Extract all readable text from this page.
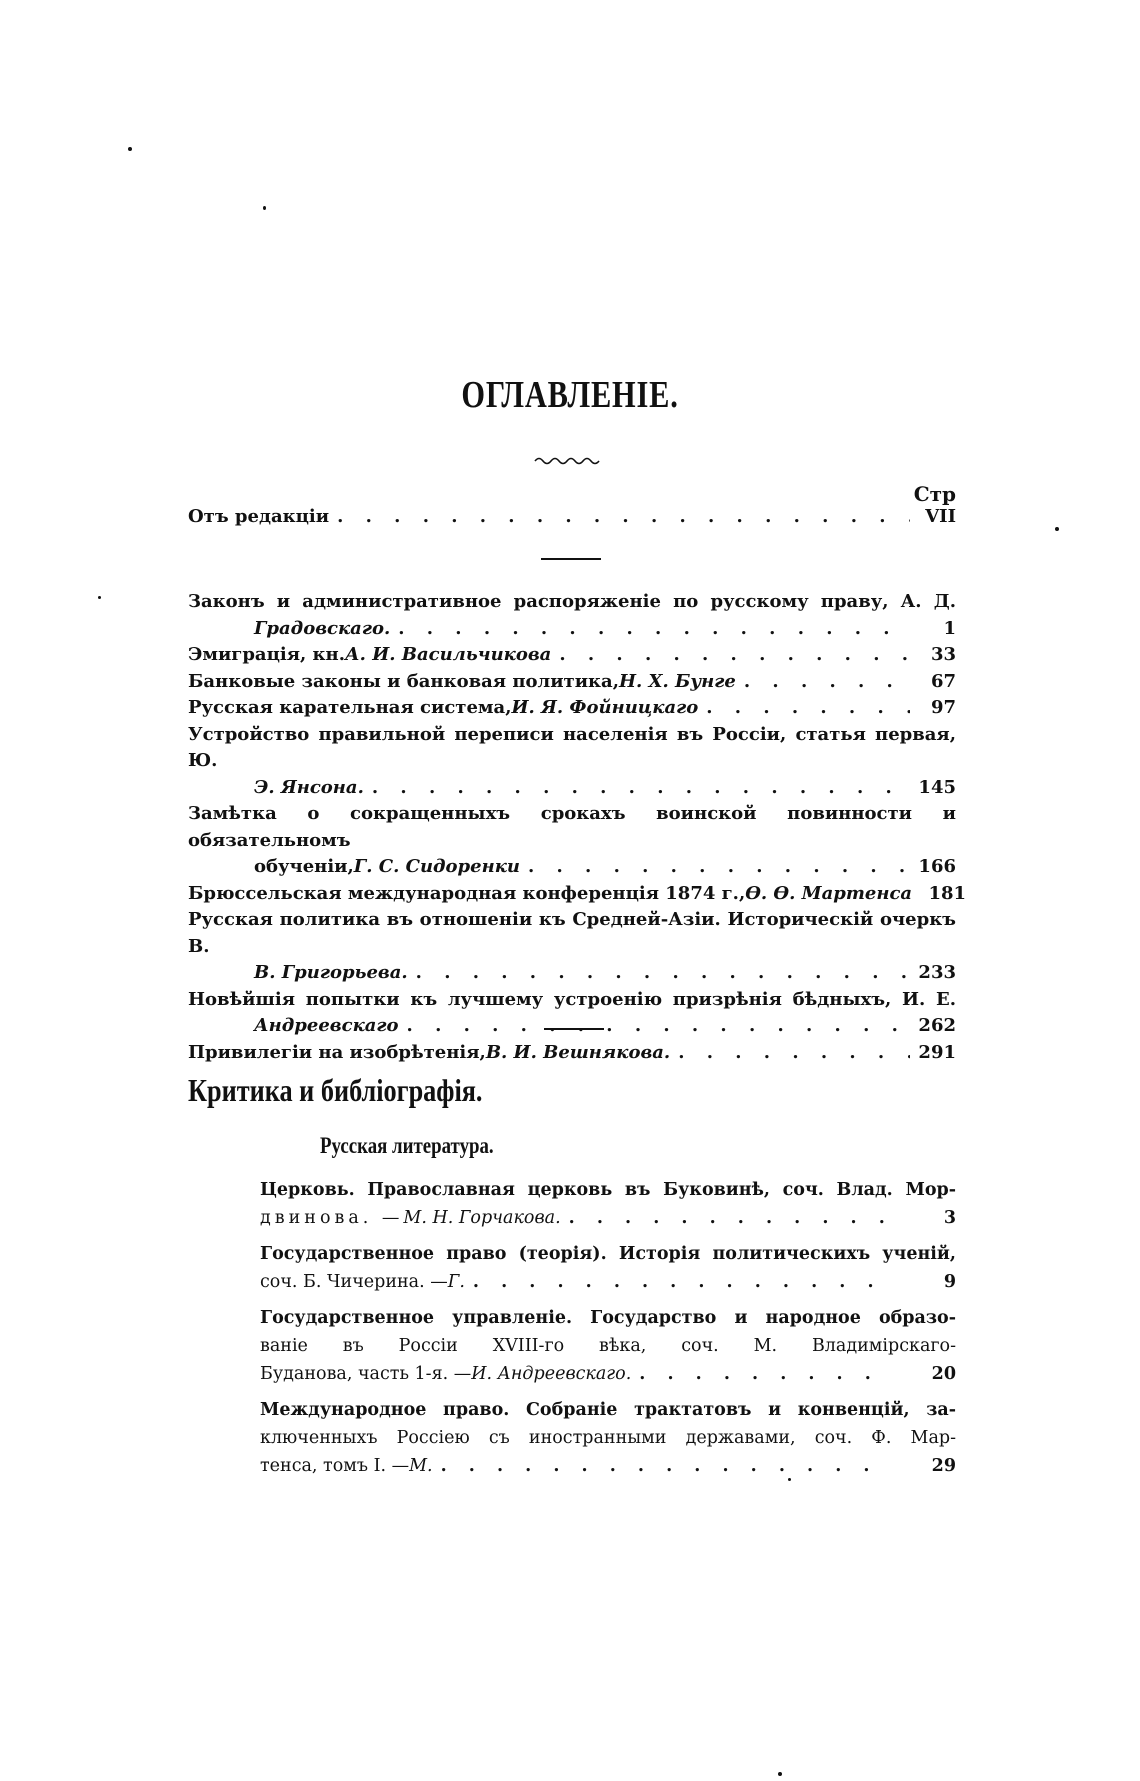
ОГЛАВЛЕНІЕ.
Стр
Отъ редакціи . . .	VII
Законъ и административное распоряженіе по русскому праву, А. Д.
Градовскаго. . . .	1
Эмиграція, кн. А. И. Васильчикова . . .	33
Банковые законы и банковая политика, Н. Х. Бунге . . .	67
Русская карательная система, И. Я. Фойницкаго . . .	97
Устройство правильной переписи населенія въ Россіи, статья первая, Ю.
Э. Янсона. . . .	145
Замѣтка о сокращенныхъ срокахъ воинской повинности и обязательномъ
обученіи, Г. С. Сидоренки . . .	166
Брюссельская международная конференція 1874 г., Ѳ. Ѳ. Мартенса 181
Русская политика въ отношеніи къ Средней-Азіи. Историческій очеркъ В.
В. Григорьева. . . .	233
Новѣйшія попытки къ лучшему устроенію призрѣнія бѣдныхъ, И. Е.
Андреевскаго . . .	262
Привилегіи на изобрѣтенія, В. И. Вешнякова. . . .	291
Критика и библіографія.
Русская литература.
Церковь. Православная церковь въ Буковинѣ, соч. Влад. Мор-
двинова. — М. Н. Горчакова. . . .	3
Государственное право (теорія). Исторія политическихъ ученій,
соч. Б. Чичерина. — Г. . . .	9
Государственное управленіе. Государство и народное образо-
ваніе въ Россіи XVIII-го вѣка, соч. М. Владимірскаго-
Буданова, часть 1-я. — И. Андреевскаго. . . .	20
Международное право. Собраніе трактатовъ и конвенцій, за-
ключенныхъ Россіею съ иностранными державами, соч. Ф. Мар-
тенса, томъ I. — М. . . .	29
